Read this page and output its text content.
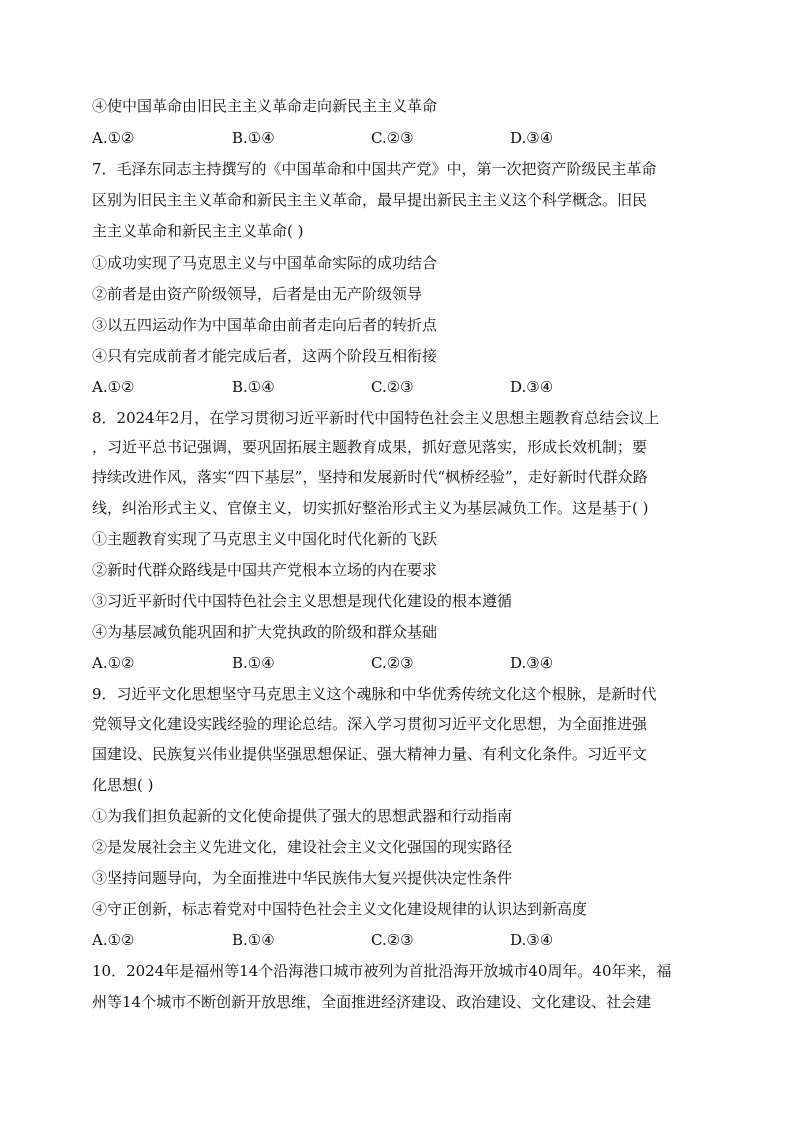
④使中国革命由旧民主主义革命走向新民主主义革命
A.①②	B.①④	C.②③	D.③④
7．毛泽东同志主持撰写的《中国革命和中国共产党》中，第一次把资产阶级民主革命
区别为旧民主主义革命和新民主主义革命，最早提出新民主主义这个科学概念。旧民
主主义革命和新民主主义革命( )
①成功实现了马克思主义与中国革命实际的成功结合
②前者是由资产阶级领导，后者是由无产阶级领导
③以五四运动作为中国革命由前者走向后者的转折点
④只有完成前者才能完成后者，这两个阶段互相衔接
A.①②	B.①④	C.②③	D.③④
8．2024年2月，在学习贯彻习近平新时代中国特色社会主义思想主题教育总结会议上
，习近平总书记强调，要巩固拓展主题教育成果，抓好意见落实，形成长效机制；要
持续改进作风，落实“四下基层”，坚持和发展新时代“枫桥经验”，走好新时代群众路
线，纠治形式主义、官僚主义，切实抓好整治形式主义为基层减负工作。这是基于( )
①主题教育实现了马克思主义中国化时代化新的飞跃
②新时代群众路线是中国共产党根本立场的内在要求
③习近平新时代中国特色社会主义思想是现代化建设的根本遵循
④为基层减负能巩固和扩大党执政的阶级和群众基础
A.①②	B.①④	C.②③	D.③④
9．习近平文化思想坚守马克思主义这个魂脉和中华优秀传统文化这个根脉，是新时代
党领导文化建设实践经验的理论总结。深入学习贯彻习近平文化思想，为全面推进强
国建设、民族复兴伟业提供坚强思想保证、强大精神力量、有利文化条件。习近平文
化思想( )
①为我们担负起新的文化使命提供了强大的思想武器和行动指南
②是发展社会主义先进文化，建设社会主义文化强国的现实路径
③坚持问题导向，为全面推进中华民族伟大复兴提供决定性条件
④守正创新，标志着党对中国特色社会主义文化建设规律的认识达到新高度
A.①②	B.①④	C.②③	D.③④
10．2024年是福州等14个沿海港口城市被列为首批沿海开放城市40周年。40年来，福
州等14个城市不断创新开放思维，全面推进经济建设、政治建设、文化建设、社会建
